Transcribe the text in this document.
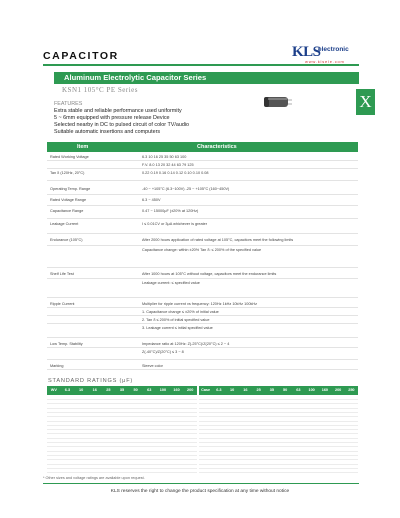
CAPACITOR	KLS
electronic
www.klsele.com
Aluminum Electrolytic Capacitor Series
KSN1 105°C PE Series
FEATURES
Extra stable and reliable performance used uniformity
5 ~ 6mm equipped with pressure release Device
Selected nearby in DC to pulsed circuit of color TV/audio
Suitable automatic insertions and computers
X
Item	Characteristics
Rated Working Voltage	6.3 10 16 25 35 50 63 100
F.V. 8.0 13 20 32 44 63 79 125
Tan δ (120Hz, 20°C)	0.22 0.19 0.16 0.14 0.12 0.10 0.10 0.08
Operating Temp. Range	-40 ~ +105°C (6.3~100V) -25 ~ +105°C (160~450V)
Rated Voltage Range	6.3 ~ 450V
Capacitance Range	0.47 ~ 15000μF (±20% at 120Hz)
Leakage Current	I ≤ 0.01CV or 3μA whichever is greater
Endurance (105°C)	After 2000 hours application of rated voltage at 105°C, capacitors meet the following limits
Capacitance change: within ±20% Tan δ: ≤ 200% of the specified value
Shelf Life Test	After 1000 hours at 105°C without voltage, capacitors meet the endurance limits
Leakage current: ≤ specified value
Ripple Current	Multiplier for ripple current vs frequency: 120Hz 1kHz 10kHz 100kHz
1. Capacitance change ≤ ±20% of initial value
2. Tan δ ≤ 200% of initial specified value
3. Leakage current ≤ initial specified value
Low Temp. Stability	Impedance ratio at 120Hz: Z(-25°C)/Z(20°C) ≤ 2 ~ 4
Z(-40°C)/Z(20°C) ≤ 3 ~ 8
Marking	Sleeve color
STANDARD RATINGS (μF)
WV	6.3	10	16	25	35	50	63	100	160	200	Case	6.3	10	16	25	35	50	63	100	160	200	250
* Other sizes and voltage ratings are available upon request.
KLS reserves the right to change the product specification at any time without notice
